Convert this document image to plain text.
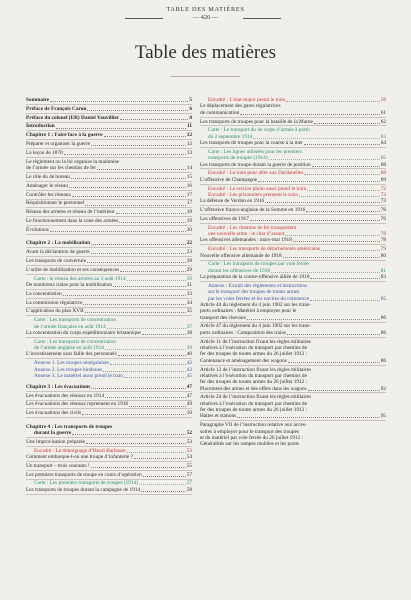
TABLE DES MATIÈRES
— 420 —
Table des matières
Sommaire	5
Préface de François Caron	6
Préface du colonel (ER) Daniel Vauvillier	8
Introduction	11
Chapitre 1 : Faire face à la guerre	12
Préparer et organiser la guerre	12
La leçon de 1870	13
Le règlement ou la loi organise la mainmise
de l’armée sur les chemins de fer	14
Le rôle du 4e bureau	15
Aménager le réseau	16
Contrôler les réseaux	17
Réquisitionner le personnel	17
Réseau des armées et réseau de l’intérieur	18
Le fonctionnement dans la zone des armées	19
Évolutions	20
Chapitre 2 : La mobilisation	22
Avant la déclaration de guerre	23
Les transports de couverture	28
L’ordre de mobilisation et ses conséquences	29
Carte : le réseau des armées au 3 août 1914	29
De nombreux trains pour la mobilisation	31
La concentration	33
La commission régulatrice	34
L’application du plan XVII	35
Carte : Les transports de concentration
de l’armée française en août 1914	37
La concentration du corps expéditionnaire britannique	38
Carte : Les transports de concentration
de l’armée anglaise en août 1914	39
L’investissement sans faille des personnels	40
Annexe 1. Les troupes sénégalaises	42
Annexe 2. Les troupes hindoues	43
Annexe 3. Le matériel aussi prend le train	45
Chapitre 3 : Les évacuations	47
Les évacuations des réseaux en 1914	47
Les évacuations des réseaux reprennent en 1918	49
Les évacuations des civils	50
Chapitre 4 : Les transports de troupes
durant la guerre	52
Une improvisation préparée	53
Encadré : Le témoignage d’Henri Barbusse	53
Comment embarque-t-on une troupe d’infanterie ?	54
Un transport – trois courants !	55
Les premiers transports de troupe en cours d’opération	57
Carte : Les premiers transports de troupes (1914)	57
Les transports de troupes durant la campagne de 1914	58
Encadré : L’état-major prend le train	58
Le déplacement des gares régulatrices
de communication	61
Les transports de troupes pour la bataille de la Marne	62
Carte : Le transport du 4e corps d’armée à partir
du 2 septembre 1914	63
Les transports de troupes pour la course à la mer	64
Carte : Les lignes utilisées pour les premiers
transports de troupes (1914)	65
Les transports de troupe durant la guerre de position	68
Encadré : Le train pour aller aux Dardanelles	68
L’offensive de Champagne	69
Encadré : La section photo aussi prend le train	72
Encadré : Les prisonniers prennent le train	72
La défense de Verdun en 1916	73
L’offensive franco-anglaise de la Somme en 1916	76
Les offensives de 1917	76
Encadré : Les chemins de fer transportent
une nouvelle arme : le char d’assaut	78
Les offensives allemandes : mars-mai 1918	78
Encadré : Les transports de détachements américains	79
Nouvelle offensive allemande de 1918	80
Carte : Les transports de troupes par voie ferrée
durant les offensives de 1918	81
La préparation de la contre-offensive alliée de 1918	83
Annexe : Extrait des règlements et instructions
sur le transport des troupes de toutes armes
par les voies ferrées et les navires du commerce	85
Article 44 du règlement du 4 juin 1902 sur les trans-
ports ordinaires : Matériel à employer pour le
transport des chevaux	86
Article 47 du règlement du 4 juin 1902 sur les trans-
ports ordinaires : Composition des trains	86
Article 11 de l’instruction fixant les règles militaires
relatives à l’exécution du transport par chemins de
fer des troupes de toutes armes du 26 juillet 1912 :
Contenance et aménagement des wagons	86
Article 12 de l’instruction fixant les règles militaires
relatives à l’exécution du transport par chemins de
fer des troupes de toutes armes du 26 juillet 1912 :
Placement des armes et des effets dans les wagons	92
Article 24 de l’instruction fixant les règles militaires
relatives à l’exécution du transport par chemins de
fer des troupes de toutes armes du 26 juillet 1912 :
Haltes et stations	95
Paragraphe VII de l’instruction relative aux acces-
soires à employer pour le transport des troupes
et du matériel par voie ferrée du 26 juillet 1912 :
Généralités sur les rampes mobiles et les ponts
